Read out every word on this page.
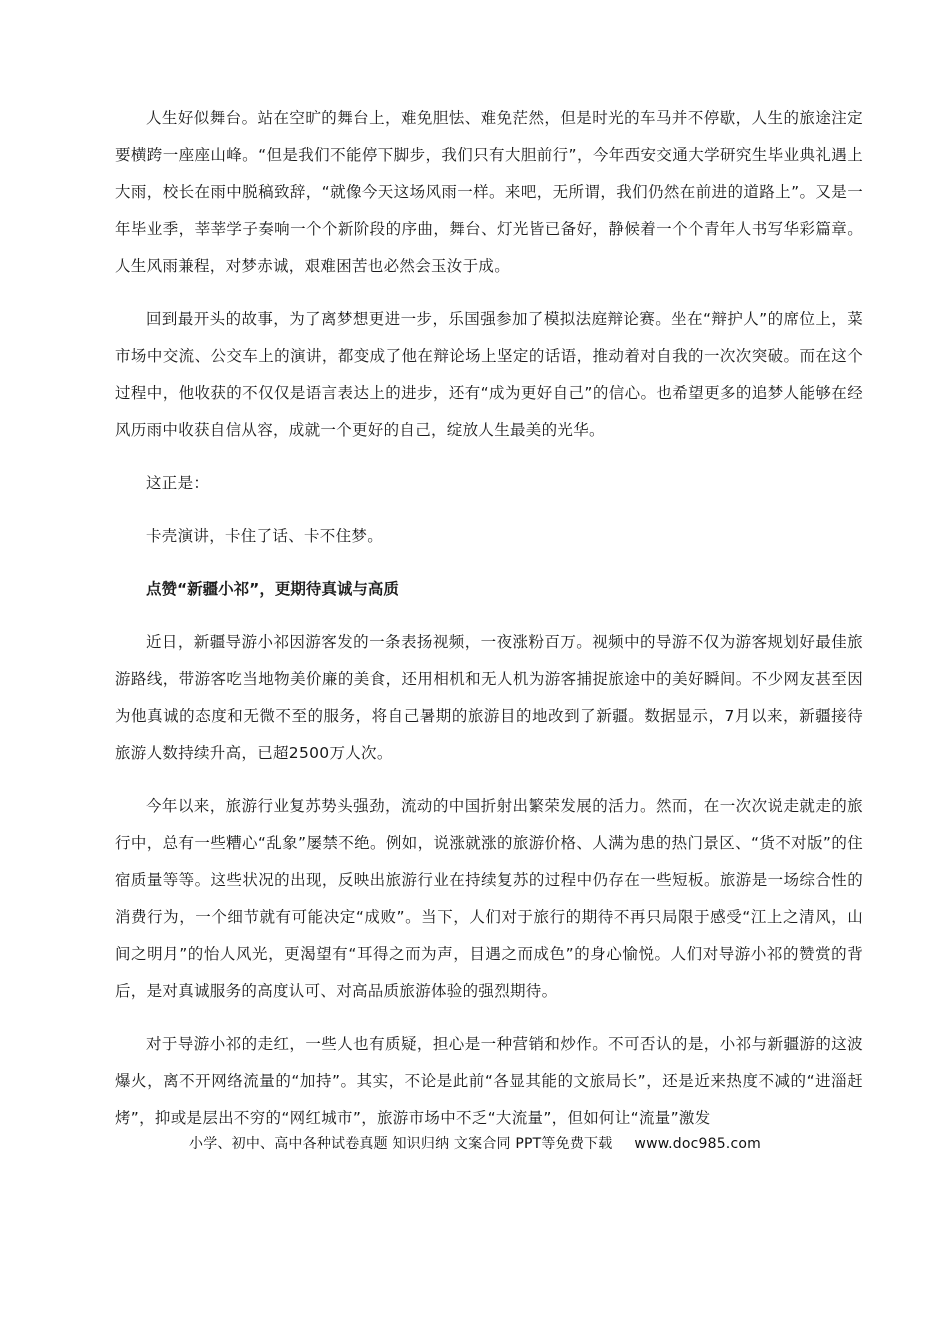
人生好似舞台。站在空旷的舞台上，难免胆怯、难免茫然，但是时光的车马并不停歇，人生的旅途注定要横跨一座座山峰。“但是我们不能停下脚步，我们只有大胆前行”，今年西安交通大学研究生毕业典礼遇上大雨，校长在雨中脱稿致辞，“就像今天这场风雨一样。来吧，无所谓，我们仍然在前进的道路上”。又是一年毕业季，莘莘学子奏响一个个新阶段的序曲，舞台、灯光皆已备好，静候着一个个青年人书写华彩篇章。人生风雨兼程，对梦赤诚，艰难困苦也必然会玉汝于成。

回到最开头的故事，为了离梦想更进一步，乐国强参加了模拟法庭辩论赛。坐在“辩护人”的席位上，菜市场中交流、公交车上的演讲，都变成了他在辩论场上坚定的话语，推动着对自我的一次次突破。而在这个过程中，他收获的不仅仅是语言表达上的进步，还有“成为更好自己”的信心。也希望更多的追梦人能够在经风历雨中收获自信从容，成就一个更好的自己，绽放人生最美的光华。

这正是：

卡壳演讲，卡住了话、卡不住梦。

点赞“新疆小祁”，更期待真诚与高质

近日，新疆导游小祁因游客发的一条表扬视频，一夜涨粉百万。视频中的导游不仅为游客规划好最佳旅游路线，带游客吃当地物美价廉的美食，还用相机和无人机为游客捕捉旅途中的美好瞬间。不少网友甚至因为他真诚的态度和无微不至的服务，将自己暑期的旅游目的地改到了新疆。数据显示，7月以来，新疆接待旅游人数持续升高，已超2500万人次。

今年以来，旅游行业复苏势头强劲，流动的中国折射出繁荣发展的活力。然而，在一次次说走就走的旅行中，总有一些糟心“乱象”屡禁不绝。例如，说涨就涨的旅游价格、人满为患的热门景区、“货不对版”的住宿质量等等。这些状况的出现，反映出旅游行业在持续复苏的过程中仍存在一些短板。旅游是一场综合性的消费行为，一个细节就有可能决定“成败”。当下，人们对于旅行的期待不再只局限于感受“江上之清风，山间之明月”的怡人风光，更渴望有“耳得之而为声，目遇之而成色”的身心愉悦。人们对导游小祁的赞赏的背后，是对真诚服务的高度认可、对高品质旅游体验的强烈期待。

对于导游小祁的走红，一些人也有质疑，担心是一种营销和炒作。不可否认的是，小祁与新疆游的这波爆火，离不开网络流量的“加持”。其实，不论是此前“各显其能的文旅局长”，还是近来热度不减的“进淄赶烤”，抑或是层出不穷的“网红城市”，旅游市场中不乏“大流量”，但如何让“流量”激发

小学、初中、高中各种试卷真题 知识归纳 文案合同 PPT等免费下载 www.doc985.com
